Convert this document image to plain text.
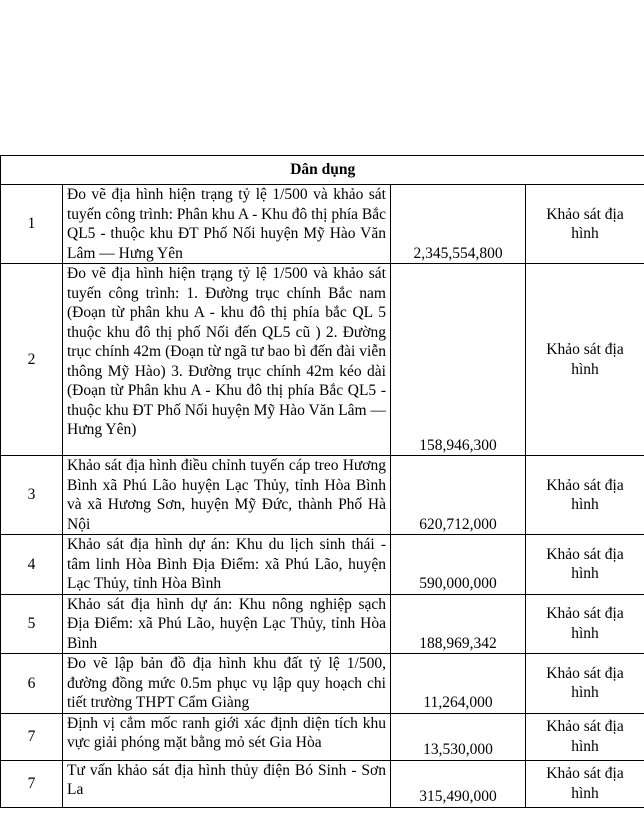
Dân dụng			
1	Đo vẽ địa hình hiện trạng tỷ lệ 1/500 và khảo sát tuyến công trình: Phân khu A - Khu đô thị phía Bắc QL5 - thuộc khu ĐT Phố Nối huyện Mỹ Hào Văn Lâm — Hưng Yên	2,345,554,800	Khảo sát địa hình
2	Đo vẽ địa hình hiện trạng tỷ lệ 1/500 và khảo sát tuyến công trình: 1. Đường trục chính Bắc nam (Đoạn từ phân khu A - khu đô thị phía bắc QL 5 thuộc khu đô thị phố Nối đến QL5 cũ ) 2. Đường trục chính 42m (Đoạn từ ngã tư bao bì đến đài viễn thông Mỹ Hào) 3. Đường trục chính 42m kéo dài (Đoạn từ Phân khu A - Khu đô thị phía Bắc QL5 - thuộc khu ĐT Phố Nối huyện Mỹ Hào Văn Lâm — Hưng Yên)	158,946,300	Khảo sát địa hình
3	Khảo sát địa hình điều chỉnh tuyến cáp treo Hương Bình xã Phú Lão huyện Lạc Thủy, tỉnh Hòa Bình và xã Hương Sơn, huyện Mỹ Đức, thành Phố Hà Nội	620,712,000	Khảo sát địa hình
4	Khảo sát địa hình dự án: Khu du lịch sinh thái - tâm linh Hòa Bình Địa Điểm: xã Phú Lão, huyện Lạc Thủy, tỉnh Hòa Bình	590,000,000	Khảo sát địa hình
5	Khảo sát địa hình dự án: Khu nông nghiệp sạch Địa Điểm: xã Phú Lão, huyện Lạc Thủy, tỉnh Hòa Bình	188,969,342	Khảo sát địa hình
6	Đo vẽ lập bản đồ địa hình khu đất tỷ lệ 1/500, đường đồng mức 0.5m phục vụ lập quy hoạch chi tiết trường THPT Cẩm Giàng	11,264,000	Khảo sát địa hình
7	Định vị cắm mốc ranh giới xác định diện tích khu vực giải phóng mặt bằng mỏ sét Gia Hòa	13,530,000	Khảo sát địa hình
7	Tư vấn khảo sát địa hình thủy điện Bó Sinh - Sơn La	315,490,000	Khảo sát địa hình
